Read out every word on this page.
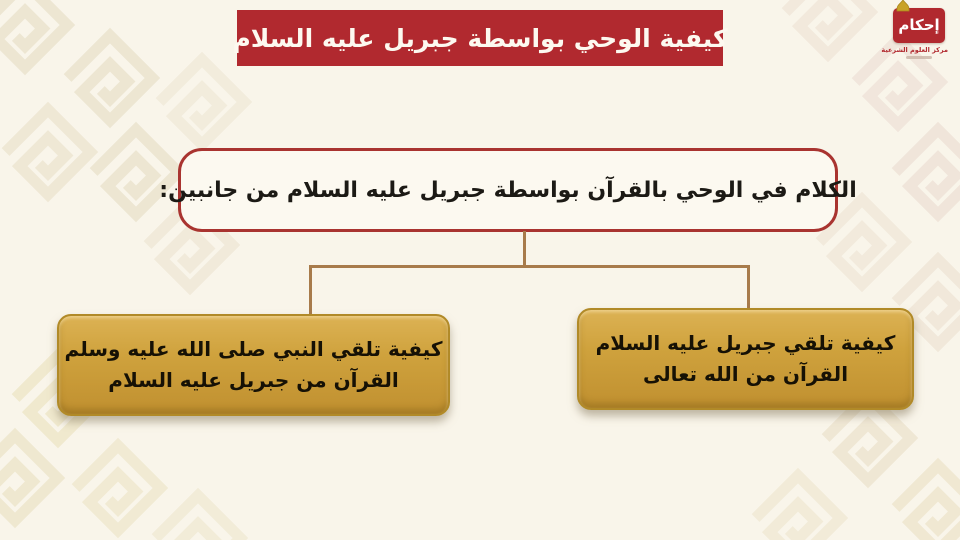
كيفية الوحي بواسطة جبريل عليه السلام	إحكام
مركز العلوم الشرعية
الكلام في الوحي بالقرآن بواسطة جبريل عليه السلام من جانبين:
كيفية تلقي جبريل عليه السلام
القرآن من الله تعالى
كيفية تلقي النبي صلى الله عليه وسلم
القرآن من جبريل عليه السلام
